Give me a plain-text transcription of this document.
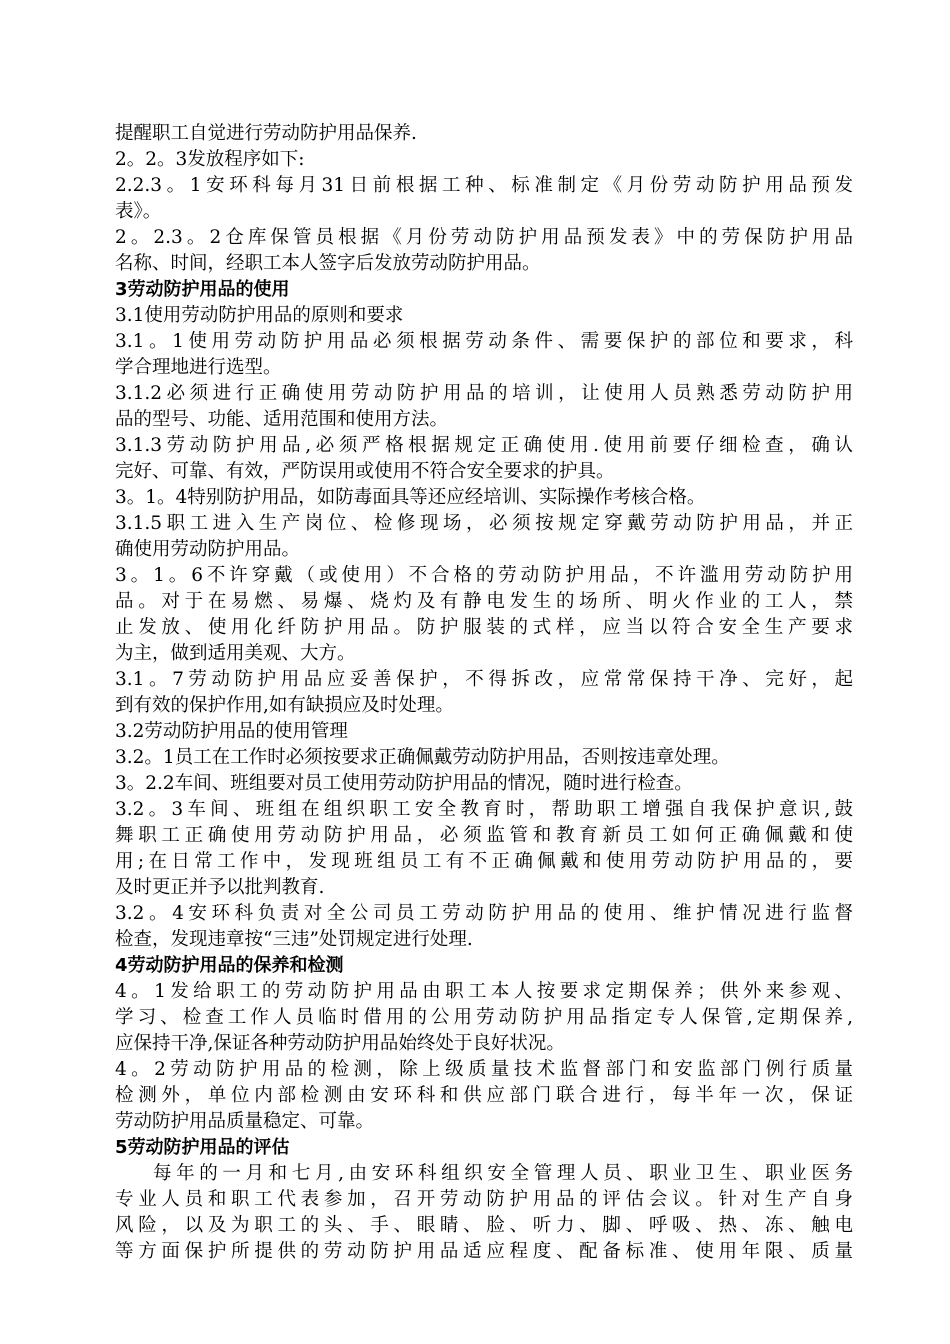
提醒职工自觉进行劳动防护用品保养.
2。2。3发放程序如下:
2.2.3。1安环科每月31日前根据工种、标准制定《月份劳动防护用品预发
表》。
2。2.3。2仓库保管员根据《月份劳动防护用品预发表》中的劳保防护用品
名称、时间，经职工本人签字后发放劳动防护用品。
3劳动防护用品的使用
3.1使用劳动防护用品的原则和要求
3.1。1使用劳动防护用品必须根据劳动条件、需要保护的部位和要求，科
学合理地进行选型。
3.1.2必须进行正确使用劳动防护用品的培训，让使用人员熟悉劳动防护用
品的型号、功能、适用范围和使用方法。
3.1.3劳动防护用品,必须严格根据规定正确使用.使用前要仔细检查，确认
完好、可靠、有效，严防误用或使用不符合安全要求的护具。
3。1。4特别防护用品，如防毒面具等还应经培训、实际操作考核合格。
3.1.5职工进入生产岗位、检修现场，必须按规定穿戴劳动防护用品，并正
确使用劳动防护用品。
3。1。6不许穿戴（或使用）不合格的劳动防护用品，不许滥用劳动防护用
品。对于在易燃、易爆、烧灼及有静电发生的场所、明火作业的工人，禁
止发放、使用化纤防护用品。防护服装的式样，应当以符合安全生产要求
为主，做到适用美观、大方。
3.1。7劳动防护用品应妥善保护，不得拆改，应常常保持干净、完好，起
到有效的保护作用,如有缺损应及时处理。
3.2劳动防护用品的使用管理
3.2。1员工在工作时必须按要求正确佩戴劳动防护用品，否则按违章处理。
3。2.2车间、班组要对员工使用劳动防护用品的情况，随时进行检查。
3.2。3车间、班组在组织职工安全教育时，帮助职工增强自我保护意识,鼓
舞职工正确使用劳动防护用品，必须监管和教育新员工如何正确佩戴和使
用;在日常工作中，发现班组员工有不正确佩戴和使用劳动防护用品的，要
及时更正并予以批判教育.
3.2。4安环科负责对全公司员工劳动防护用品的使用、维护情况进行监督
检查，发现违章按“三违”处罚规定进行处理.
4劳动防护用品的保养和检测
4。1发给职工的劳动防护用品由职工本人按要求定期保养；供外来参观、
学习、检查工作人员临时借用的公用劳动防护用品指定专人保管,定期保养,
应保持干净,保证各种劳动防护用品始终处于良好状况。
4。2劳动防护用品的检测，除上级质量技术监督部门和安监部门例行质量
检测外，单位内部检测由安环科和供应部门联合进行，每半年一次，保证
劳动防护用品质量稳定、可靠。
5劳动防护用品的评估
每年的一月和七月,由安环科组织安全管理人员、职业卫生、职业医务
专业人员和职工代表参加，召开劳动防护用品的评估会议。针对生产自身
风险，以及为职工的头、手、眼睛、脸、听力、脚、呼吸、热、冻、触电
等方面保护所提供的劳动防护用品适应程度、配备标准、使用年限、质量
